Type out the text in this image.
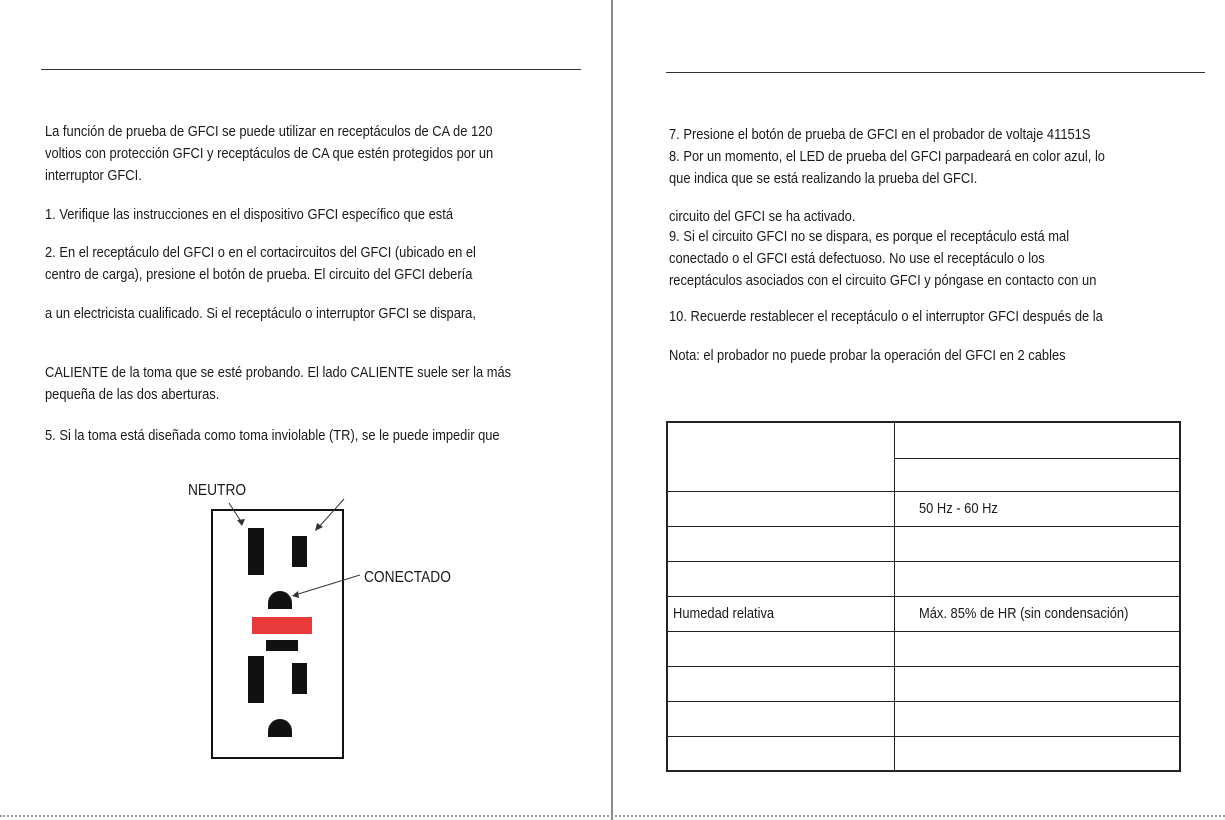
La función de prueba de GFCI se puede utilizar en receptáculos de CA de 120

voltios con protección GFCI y receptáculos de CA que estén protegidos por un

interruptor GFCI.

1. Verifique las instrucciones en el dispositivo GFCI específico que está

2. En el receptáculo del GFCI o en el cortacircuitos del GFCI (ubicado en el

centro de carga), presione el botón de prueba. El circuito del GFCI debería

a un electricista cualificado. Si el receptáculo o interruptor GFCI se dispara,

CALIENTE de la toma que se esté probando. El lado CALIENTE suele ser la más

pequeña de las dos aberturas.

5. Si la toma está diseñada como toma inviolable (TR), se le puede impedir que

NEUTRO

CONECTADO

7. Presione el botón de prueba de GFCI en el probador de voltaje 41151S

8. Por un momento, el LED de prueba del GFCI parpadeará en color azul, lo

que indica que se está realizando la prueba del GFCI.

circuito del GFCI se ha activado.

9. Si el circuito GFCI no se dispara, es porque el receptáculo está mal

conectado o el GFCI está defectuoso. No use el receptáculo o los

receptáculos asociados con el circuito GFCI y póngase en contacto con un

10. Recuerde restablecer el receptáculo o el interruptor GFCI después de la

Nota: el probador no puede probar la operación del GFCI en 2 cables

50 Hz - 60 Hz

Humedad relativa	Máx. 85% de HR (sin condensación)
